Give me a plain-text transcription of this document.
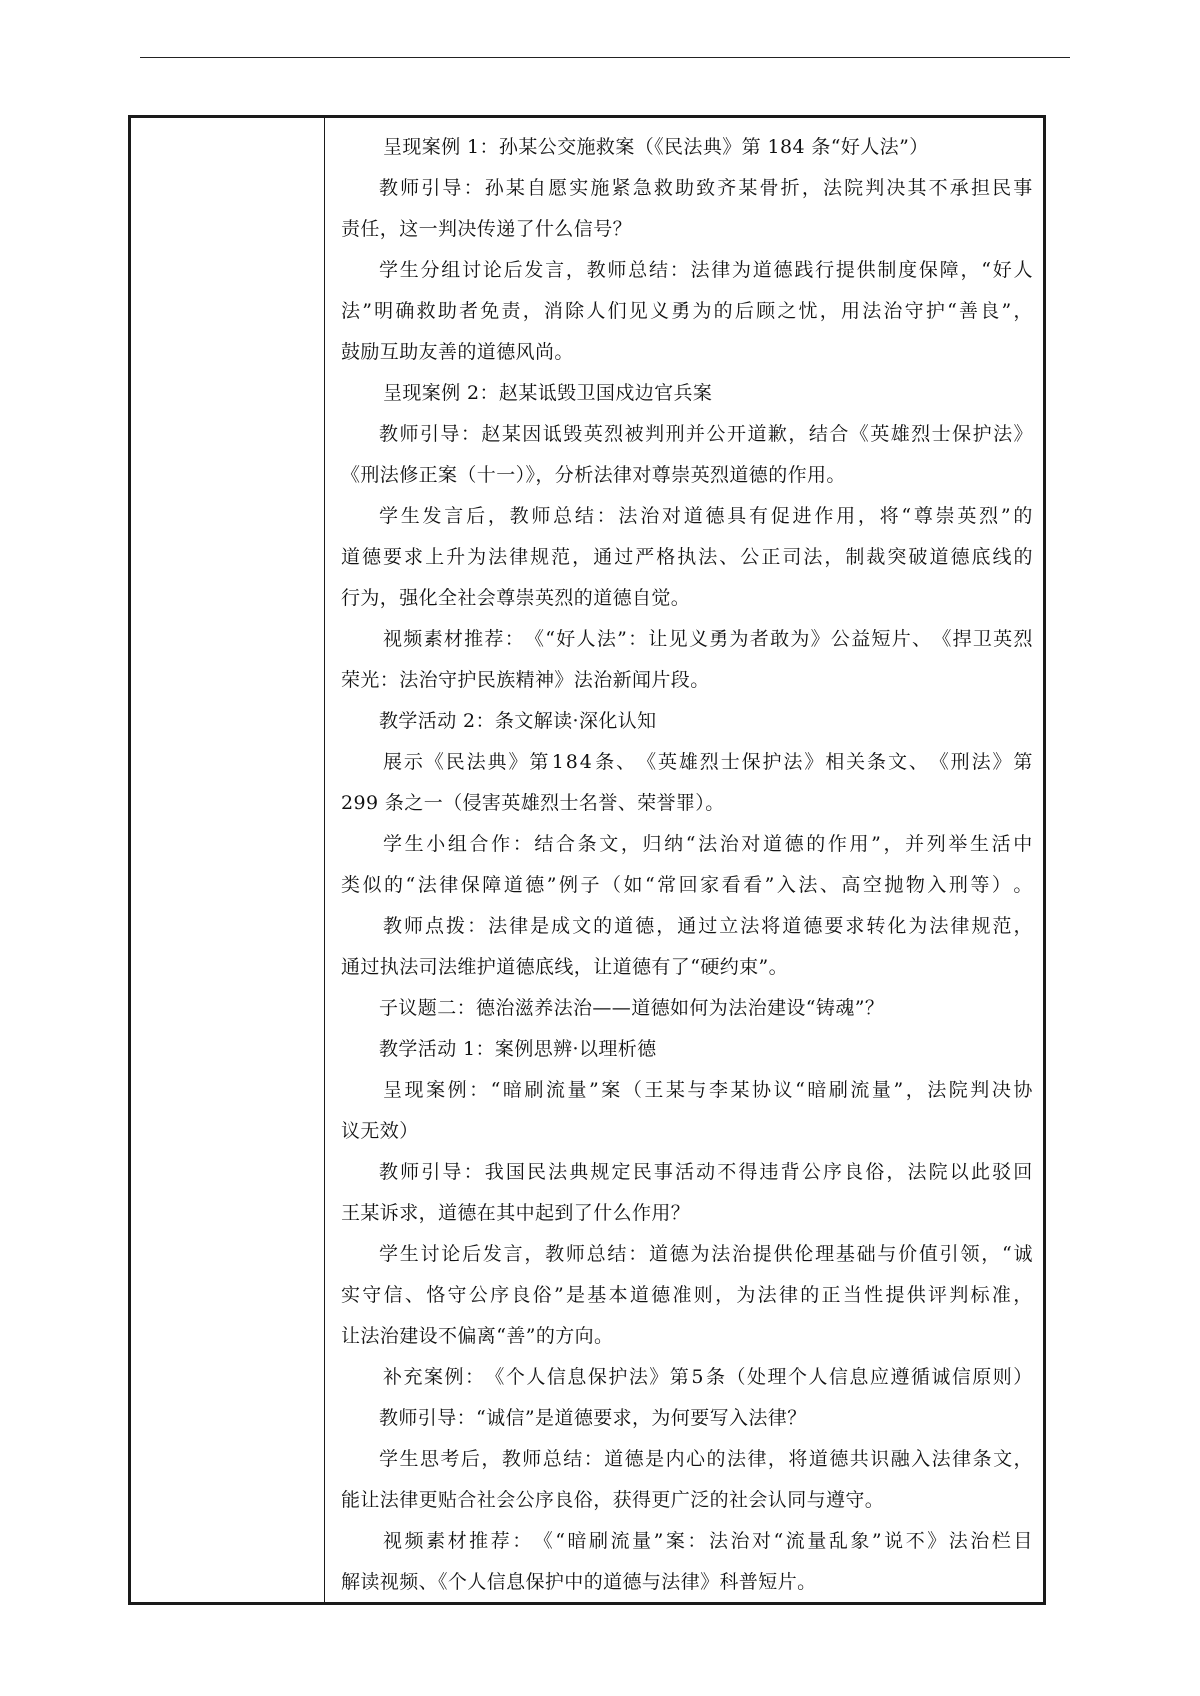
呈现案例 1：孙某公交施救案（《民法典》第 184 条“好人法”）
教 师 引 导 ： 孙 某 自 愿 实 施 紧 急 救 助 致 齐 某 骨 折 ， 法 院 判 决 其 不 承 担 民 事
责任，这一判决传递了什么信号？
学 生 分 组 讨 论 后 发 言 ， 教 师 总 结 ： 法 律 为 道 德 践 行 提 供 制 度 保 障 ， “ 好 人
法 ” 明 确 救 助 者 免 责 ， 消 除 人 们 见 义 勇 为 的 后 顾 之 忧 ， 用 法 治 守 护 “ 善 良 ” ，
鼓励互助友善的道德风尚。
呈现案例 2：赵某诋毁卫国戍边官兵案
教 师 引 导 ： 赵 某 因 诋 毁 英 烈 被 判 刑 并 公 开 道 歉 ， 结 合 《 英 雄 烈 士 保 护 法 》
《刑法修正案（十一）》，分析法律对尊崇英烈道德的作用。
学 生 发 言 后 ， 教 师 总 结 ： 法 治 对 道 德 具 有 促 进 作 用 ， 将 “ 尊 崇 英 烈 ” 的
道 德 要 求 上 升 为 法 律 规 范 ， 通 过 严 格 执 法 、 公 正 司 法 ， 制 裁 突 破 道 德 底 线 的
行为，强化全社会尊崇英烈的道德自觉。
视 频 素 材 推 荐 ： 《 “ 好 人 法 ” ： 让 见 义 勇 为 者 敢 为 》 公 益 短 片 、 《 捍 卫 英 烈
荣光：法治守护民族精神》法治新闻片段。
教学活动 2：条文解读·深化认知
展 示 《 民 法 典 》 第 1 8 4 条 、 《 英 雄 烈 士 保 护 法 》 相 关 条 文 、 《 刑 法 》 第
299 条之一（侵害英雄烈士名誉、荣誉罪）。
学 生 小 组 合 作 ： 结 合 条 文 ， 归 纳 “ 法 治 对 道 德 的 作 用 ” ， 并 列 举 生 活 中
类 似 的 “ 法 律 保 障 道 德 ” 例 子 （ 如 “ 常 回 家 看 看 ” 入 法 、 高 空 抛 物 入 刑 等 ） 。
教 师 点 拨 ： 法 律 是 成 文 的 道 德 ， 通 过 立 法 将 道 德 要 求 转 化 为 法 律 规 范 ，
通过执法司法维护道德底线，让道德有了“硬约束”。
子议题二：德治滋养法治——道德如何为法治建设“铸魂”？
教学活动 1：案例思辨·以理析德
呈 现 案 例 ： “ 暗 刷 流 量 ” 案 （ 王 某 与 李 某 协 议 “ 暗 刷 流 量 ” ， 法 院 判 决 协
议无效）
教 师 引 导 ： 我 国 民 法 典 规 定 民 事 活 动 不 得 违 背 公 序 良 俗 ， 法 院 以 此 驳 回
王某诉求，道德在其中起到了什么作用？
学 生 讨 论 后 发 言 ， 教 师 总 结 ： 道 德 为 法 治 提 供 伦 理 基 础 与 价 值 引 领 ， “ 诚
实 守 信 、 恪 守 公 序 良 俗 ” 是 基 本 道 德 准 则 ， 为 法 律 的 正 当 性 提 供 评 判 标 准 ，
让法治建设不偏离“善”的方向。
补 充 案 例 ： 《 个 人 信 息 保 护 法 》 第 5 条 （ 处 理 个 人 信 息 应 遵 循 诚 信 原 则 ）
教师引导：“诚信”是道德要求，为何要写入法律？
学 生 思 考 后 ， 教 师 总 结 ： 道 德 是 内 心 的 法 律 ， 将 道 德 共 识 融 入 法 律 条 文 ，
能让法律更贴合社会公序良俗，获得更广泛的社会认同与遵守。
视 频 素 材 推 荐 ： 《 “ 暗 刷 流 量 ” 案 ： 法 治 对 “ 流 量 乱 象 ” 说 不 》 法 治 栏 目
解读视频、《个人信息保护中的道德与法律》科普短片。
